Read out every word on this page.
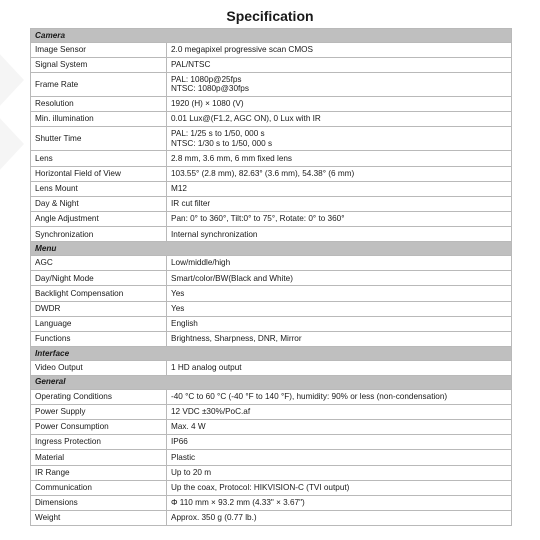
Specification
Camera	
Image Sensor	2.0 megapixel progressive scan CMOS

Signal System	PAL/NTSC

Frame Rate	PAL: 1080p@25fps
NTSC: 1080p@30fps

Resolution	1920 (H) × 1080 (V)

Min. illumination	0.01 Lux@(F1.2, AGC ON), 0 Lux with IR

Shutter Time	PAL: 1/25 s to 1/50, 000 s
NTSC: 1/30 s to 1/50, 000 s

Lens	2.8 mm, 3.6 mm, 6 mm fixed lens

Horizontal Field of View	103.55° (2.8 mm), 82.63° (3.6 mm), 54.38° (6 mm)

Lens Mount	M12

Day & Night	IR cut filter

Angle Adjustment	Pan: 0° to 360°, Tilt:0° to 75°, Rotate: 0° to 360°

Synchronization	Internal synchronization

Menu	
AGC	Low/middle/high

Day/Night Mode	Smart/color/BW(Black and White)

Backlight Compensation	Yes

DWDR	Yes

Language	English

Functions	Brightness, Sharpness, DNR, Mirror

Interface	
Video Output	1 HD analog output

General	
Operating Conditions	-40 °C to 60 °C (-40 °F to 140 °F), humidity: 90% or less (non-condensation)

Power Supply	12 VDC ±30%/PoC.af

Power Consumption	Max. 4 W

Ingress Protection	IP66

Material	Plastic

IR Range	Up to 20 m

Communication	Up the coax, Protocol: HIKVISION-C (TVI output)

Dimensions	Φ 110 mm × 93.2 mm (4.33" × 3.67")

Weight	Approx. 350 g (0.77 lb.)
